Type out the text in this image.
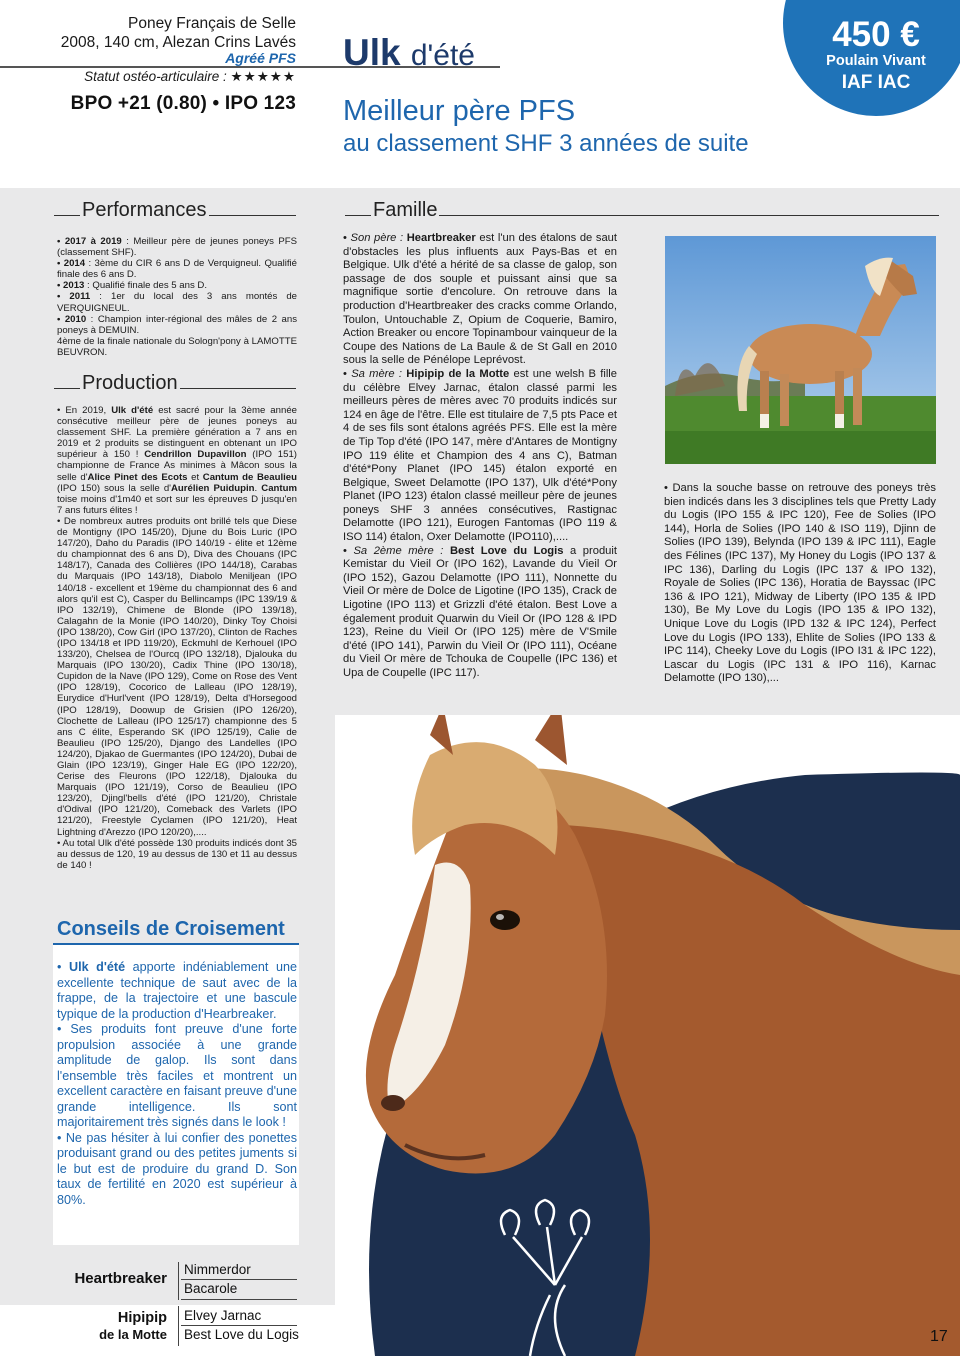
Poney Français de Selle
2008, 140 cm, Alezan Crins Lavés
Agréé PFS
Statut ostéo-articulaire : ★★★★★
BPO +21 (0.80) • IPO 123
Ulk d'été
Meilleur père PFS
au classement SHF 3 années de suite
450 €
Poulain Vivant
IAF IAC
Performances
• 2017 à 2019 : Meilleur père de jeunes poneys PFS (classement SHF).
• 2014 : 3ème du CIR 6 ans D de Verquigneul. Qualifié finale des 6 ans D.
• 2013 : Qualifié finale des 5 ans D.
• 2011 : 1er du local des 3 ans montés de VERQUIGNEUL.
• 2010 : Champion inter-régional des mâles de 2 ans poneys à DEMUIN.
4ème de la finale nationale du Sologn'pony à LAMOTTE BEUVRON.
Production

• En 2019, Ulk d'été est sacré pour la 3ème année consécutive meilleur père de jeunes poneys au classement SHF. La première génération a 7 ans en 2019 et 2 produits se distinguent en obtenant un IPO supérieur à 150 ! Cendrillon Dupavillon (IPO 151) championne de France As minimes à Mâcon sous la selle d'Alice Pinet des Ecots et Cantum de Beaulieu (IPO 150) sous la selle d'Aurélien Puidupin. Cantum toise moins d'1m40 et sort sur les épreuves D jusqu'en 7 ans futurs élites !

• De nombreux autres produits ont brillé tels que Diese de Montigny (IPO 145/20), Djune du Bois Luric (IPO 147/20), Daho du Paradis (IPO 140/19 - élite et 12ème du championnat des 6 ans D), Diva des Chouans (IPC 148/17), Canada des Collières (IPO 144/18), Carabas du Marquais (IPO 143/18), Diabolo Meniljean (IPO 140/18 - excellent et 19ème du championnat des 6 and alors qu'il est C), Casper du Bellincamps (IPC 139/19 & IPO 132/19), Chimene de Blonde (IPO 139/18), Calagahn de la Monie (IPO 140/20), Dinky Toy Choisi (IPO 138/20), Cow Girl (IPO 137/20), Clinton de Raches (IPO 134/18 et IPD 119/20), Eckmuhl de Kerhouel (IPO 133/20), Chelsea de l'Ourcq (IPO 132/18), Djalouka du Marquais (IPO 130/20), Cadix Thine (IPO 130/18), Cupidon de la Nave (IPO 129), Come on Rose des Vent (IPO 128/19), Cocorico de Lalleau (IPO 128/19), Eurydice d'Hurl'vent (IPO 128/19), Delta d'Horsegood (IPO 128/19), Doowup de Grisien (IPO 126/20), Clochette de Lalleau (IPO 125/17) championne des 5 ans C élite, Esperando SK (IPO 125/19), Calie de Beaulieu (IPO 125/20), Django des Landelles (IPO 124/20), Djakao de Guermantes (IPO 124/20), Dubai de Glain (IPO 123/19), Ginger Hale EG (IPO 122/20), Cerise des Fleurons (IPO 122/18), Djalouka du Marquais (IPO 121/19), Corso de Beaulieu (IPO 123/20), Djingl'bells d'été (IPO 121/20), Christale d'Odival (IPO 121/20), Comeback des Varlets (IPO 121/20), Freestyle Cyclamen (IPO 121/20), Heat Lightning d'Arezzo (IPO 120/20),....

• Au total Ulk d'été possède 130 produits indicés dont 35 au dessus de 120, 19 au dessus de 130 et 11 au dessus de 140 !

Conseils de Croisement

• Ulk d'été apporte indéniablement une excellente technique de saut avec de la frappe, de la trajectoire et une bascule typique de la production d'Hearbreaker.

• Ses produits font preuve d'une forte propulsion associée à une grande amplitude de galop. Ils sont dans l'ensemble très faciles et montrent un excellent caractère en faisant preuve d'une grande intelligence. Ils sont majoritairement très signés dans le look !

• Ne pas hésiter à lui confier des ponettes produisant grand ou des petites juments si le but est de produire du grand D. Son taux de fertilité en 2020 est supérieur à 80%.

Famille

• Son père : Heartbreaker est l'un des étalons de saut d'obstacles les plus influents aux Pays-Bas et en Belgique. Ulk d'été a hérité de sa classe de galop, son passage de dos souple et puissant ainsi que sa magnifique sortie d'encolure. On retrouve dans la production d'Heartbreaker des cracks comme Orlando, Toulon, Untouchable Z, Opium de Coquerie, Bamiro, Action Breaker ou encore Topinambour vainqueur de la Coupe des Nations de La Baule & de St Gall en 2010 sous la selle de Pénélope Leprévost.

• Sa mère : Hipipip de la Motte est une welsh B fille du célèbre Elvey Jarnac, étalon classé parmi les meilleurs pères de mères avec 70 produits indicés sur 124 en âge de l'être. Elle est titulaire de 7,5 pts Pace et 4 de ses fils sont étalons agréés PFS. Elle est la mère de Tip Top d'été (IPO 147, mère d'Antares de Montigny IPO 119 élite et Champion des 4 ans C), Batman d'été*Pony Planet (IPO 145) étalon exporté en Belgique, Sweet Delamotte (IPO 137), Ulk d'été*Pony Planet (IPO 123) étalon classé meilleur père de jeunes poneys SHF 3 années consécutives, Rastignac Delamotte (IPO 121), Eurogen Fantomas (IPO 119 & ISO 114) étalon, Oxer Delamotte (IPO110),....

• Sa 2ème mère : Best Love du Logis a produit Kemistar du Vieil Or (IPO 162), Lavande du Vieil Or (IPO 152), Gazou Delamotte (IPO 111), Nonnette du Vieil Or mère de Dolce de Ligotine (IPO 135), Crack de Ligotine (IPO 113) et Grizzli d'été étalon. Best Love a également produit Quarwin du Vieil Or (IPO 128 & IPD 123), Reine du Vieil Or (IPO 125) mère de V'Smile d'été (IPO 141), Parwin du Vieil Or (IPO 111), Océane du Vieil Or mère de Tchouka de Coupelle (IPC 136) et Upa de Coupelle (IPC 117).

• Dans la souche basse on retrouve des poneys très bien indicés dans les 3 disciplines tels que Pretty Lady du Logis (IPO 155 & IPC 120), Fee de Solies (IPO 144), Horla de Solies (IPO 140 & ISO 119), Djinn de Solies (IPO 139), Belynda (IPO 139 & IPC 111), Eagle des Félines (IPC 137), My Honey du Logis (IPO 137 & IPC 136), Darling du Logis (IPC 137 & IPO 132), Royale de Solies (IPC 136), Horatia de Bayssac (IPC 136 & IPO 121), Midway de Liberty (IPO 135 & IPD 130), Be My Love du Logis (IPO 135 & IPO 132), Unique Love du Logis (IPD 132 & IPC 124), Perfect Love du Logis (IPO 133), Ehlite de Solies (IPO 133 & IPC 114), Cheeky Love du Logis (IPO I31 & IPC 122), Lascar du Logis (IPC 131 & IPO 116), Karnac Delamotte (IPO 130),...
Heartbreaker
Nimmerdor
Bacarole
Hipipip
de la Motte
Elvey Jarnac
Best Love du Logis	17
